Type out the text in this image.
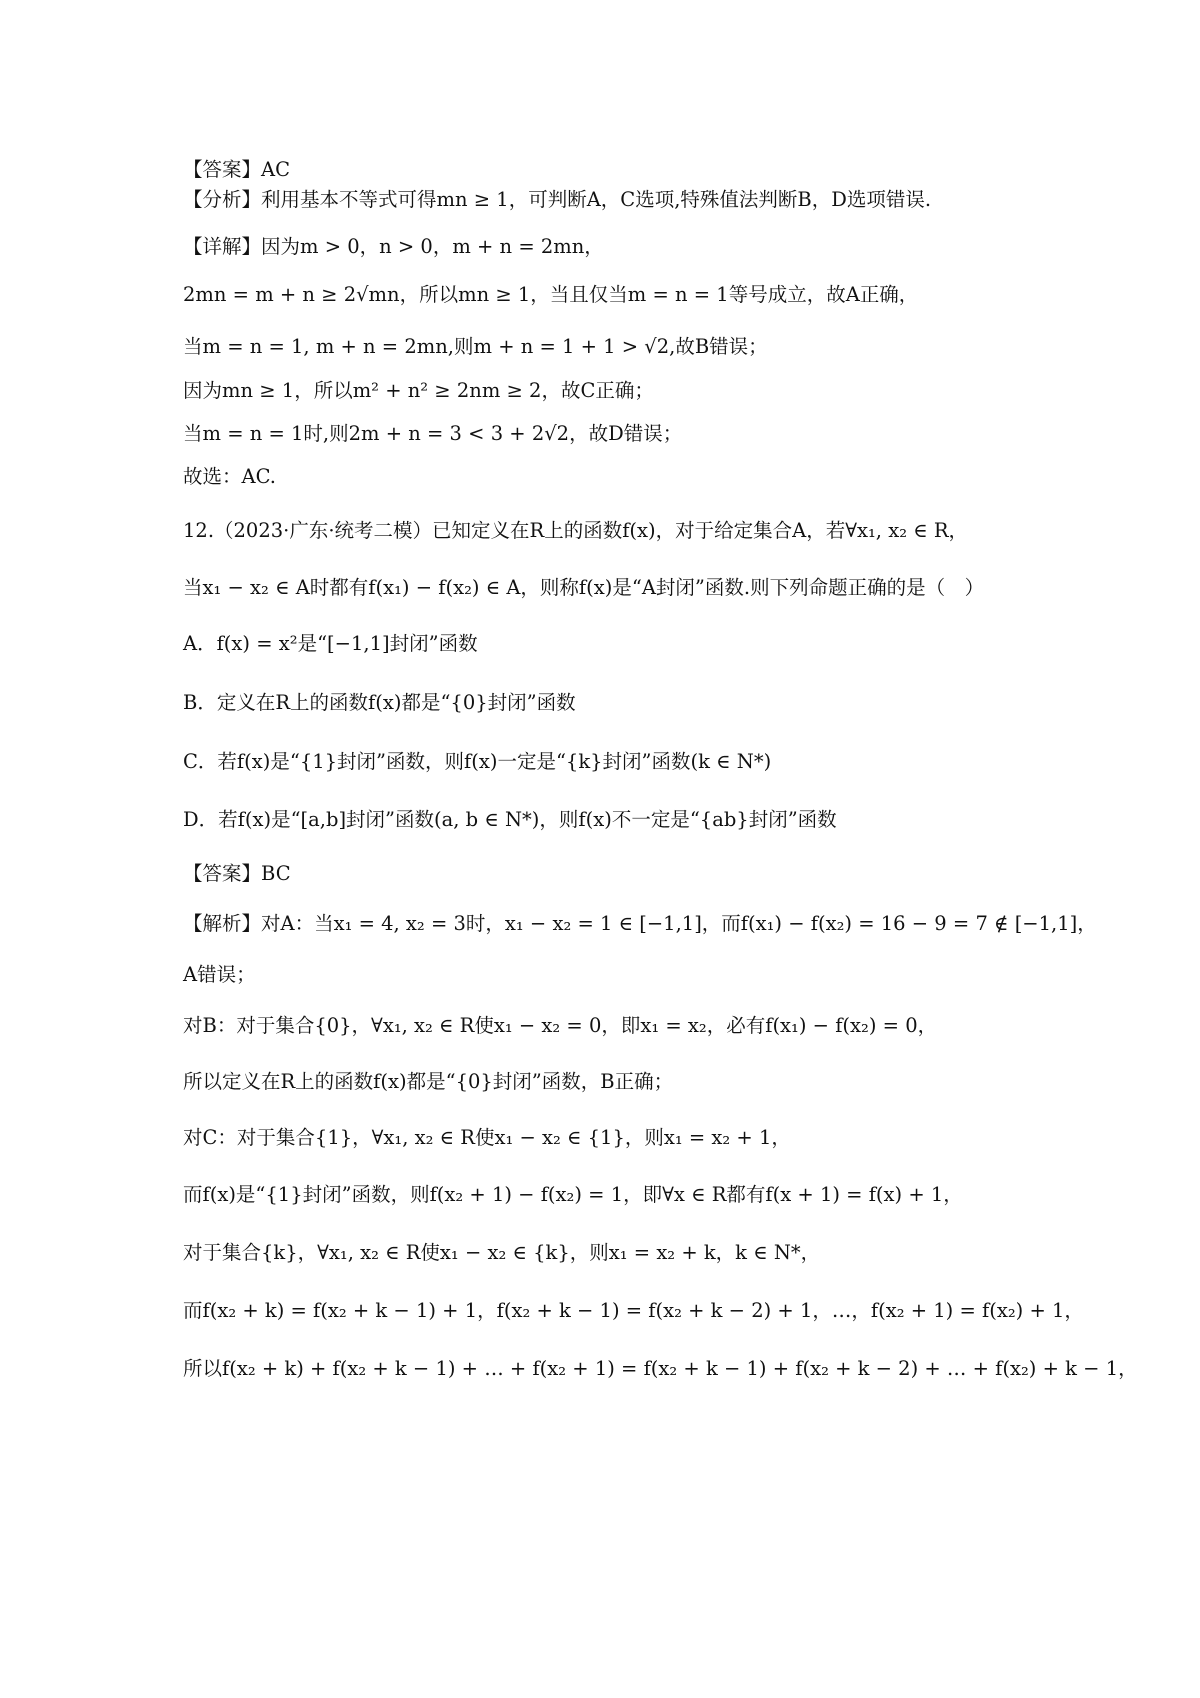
【答案】AC
【分析】利用基本不等式可得mn ≥ 1，可判断A，C选项,特殊值法判断B，D选项错误.
【详解】因为m > 0，n > 0，m + n = 2mn，
2mn = m + n ≥ 2√mn，所以mn ≥ 1，当且仅当m = n = 1等号成立，故A正确，
当m = n = 1, m + n = 2mn,则m + n = 1 + 1 > √2,故B错误；
因为mn ≥ 1，所以m² + n² ≥ 2nm ≥ 2，故C正确；
当m = n = 1时,则2m + n = 3 < 3 + 2√2，故D错误；
故选：AC.
12.（2023·广东·统考二模）已知定义在R上的函数f(x)，对于给定集合A，若∀x₁, x₂ ∈ R，
当x₁ − x₂ ∈ A时都有f(x₁) − f(x₂) ∈ A，则称f(x)是“A封闭”函数.则下列命题正确的是（　）
A．f(x) = x²是“[−1,1]封闭”函数
B．定义在R上的函数f(x)都是“{0}封闭”函数
C．若f(x)是“{1}封闭”函数，则f(x)一定是“{k}封闭”函数(k ∈ N*)
D．若f(x)是“[a,b]封闭”函数(a, b ∈ N*)，则f(x)不一定是“{ab}封闭”函数
【答案】BC
【解析】对A：当x₁ = 4, x₂ = 3时，x₁ − x₂ = 1 ∈ [−1,1]，而f(x₁) − f(x₂) = 16 − 9 = 7 ∉ [−1,1]，
A错误；
对B：对于集合{0}，∀x₁, x₂ ∈ R使x₁ − x₂ = 0，即x₁ = x₂，必有f(x₁) − f(x₂) = 0，
所以定义在R上的函数f(x)都是“{0}封闭”函数，B正确；
对C：对于集合{1}，∀x₁, x₂ ∈ R使x₁ − x₂ ∈ {1}，则x₁ = x₂ + 1，
而f(x)是“{1}封闭”函数，则f(x₂ + 1) − f(x₂) = 1，即∀x ∈ R都有f(x + 1) = f(x) + 1，
对于集合{k}，∀x₁, x₂ ∈ R使x₁ − x₂ ∈ {k}，则x₁ = x₂ + k，k ∈ N*，
而f(x₂ + k) = f(x₂ + k − 1) + 1，f(x₂ + k − 1) = f(x₂ + k − 2) + 1，…，f(x₂ + 1) = f(x₂) + 1，
所以f(x₂ + k) + f(x₂ + k − 1) + … + f(x₂ + 1) = f(x₂ + k − 1) + f(x₂ + k − 2) + … + f(x₂) + k − 1，
